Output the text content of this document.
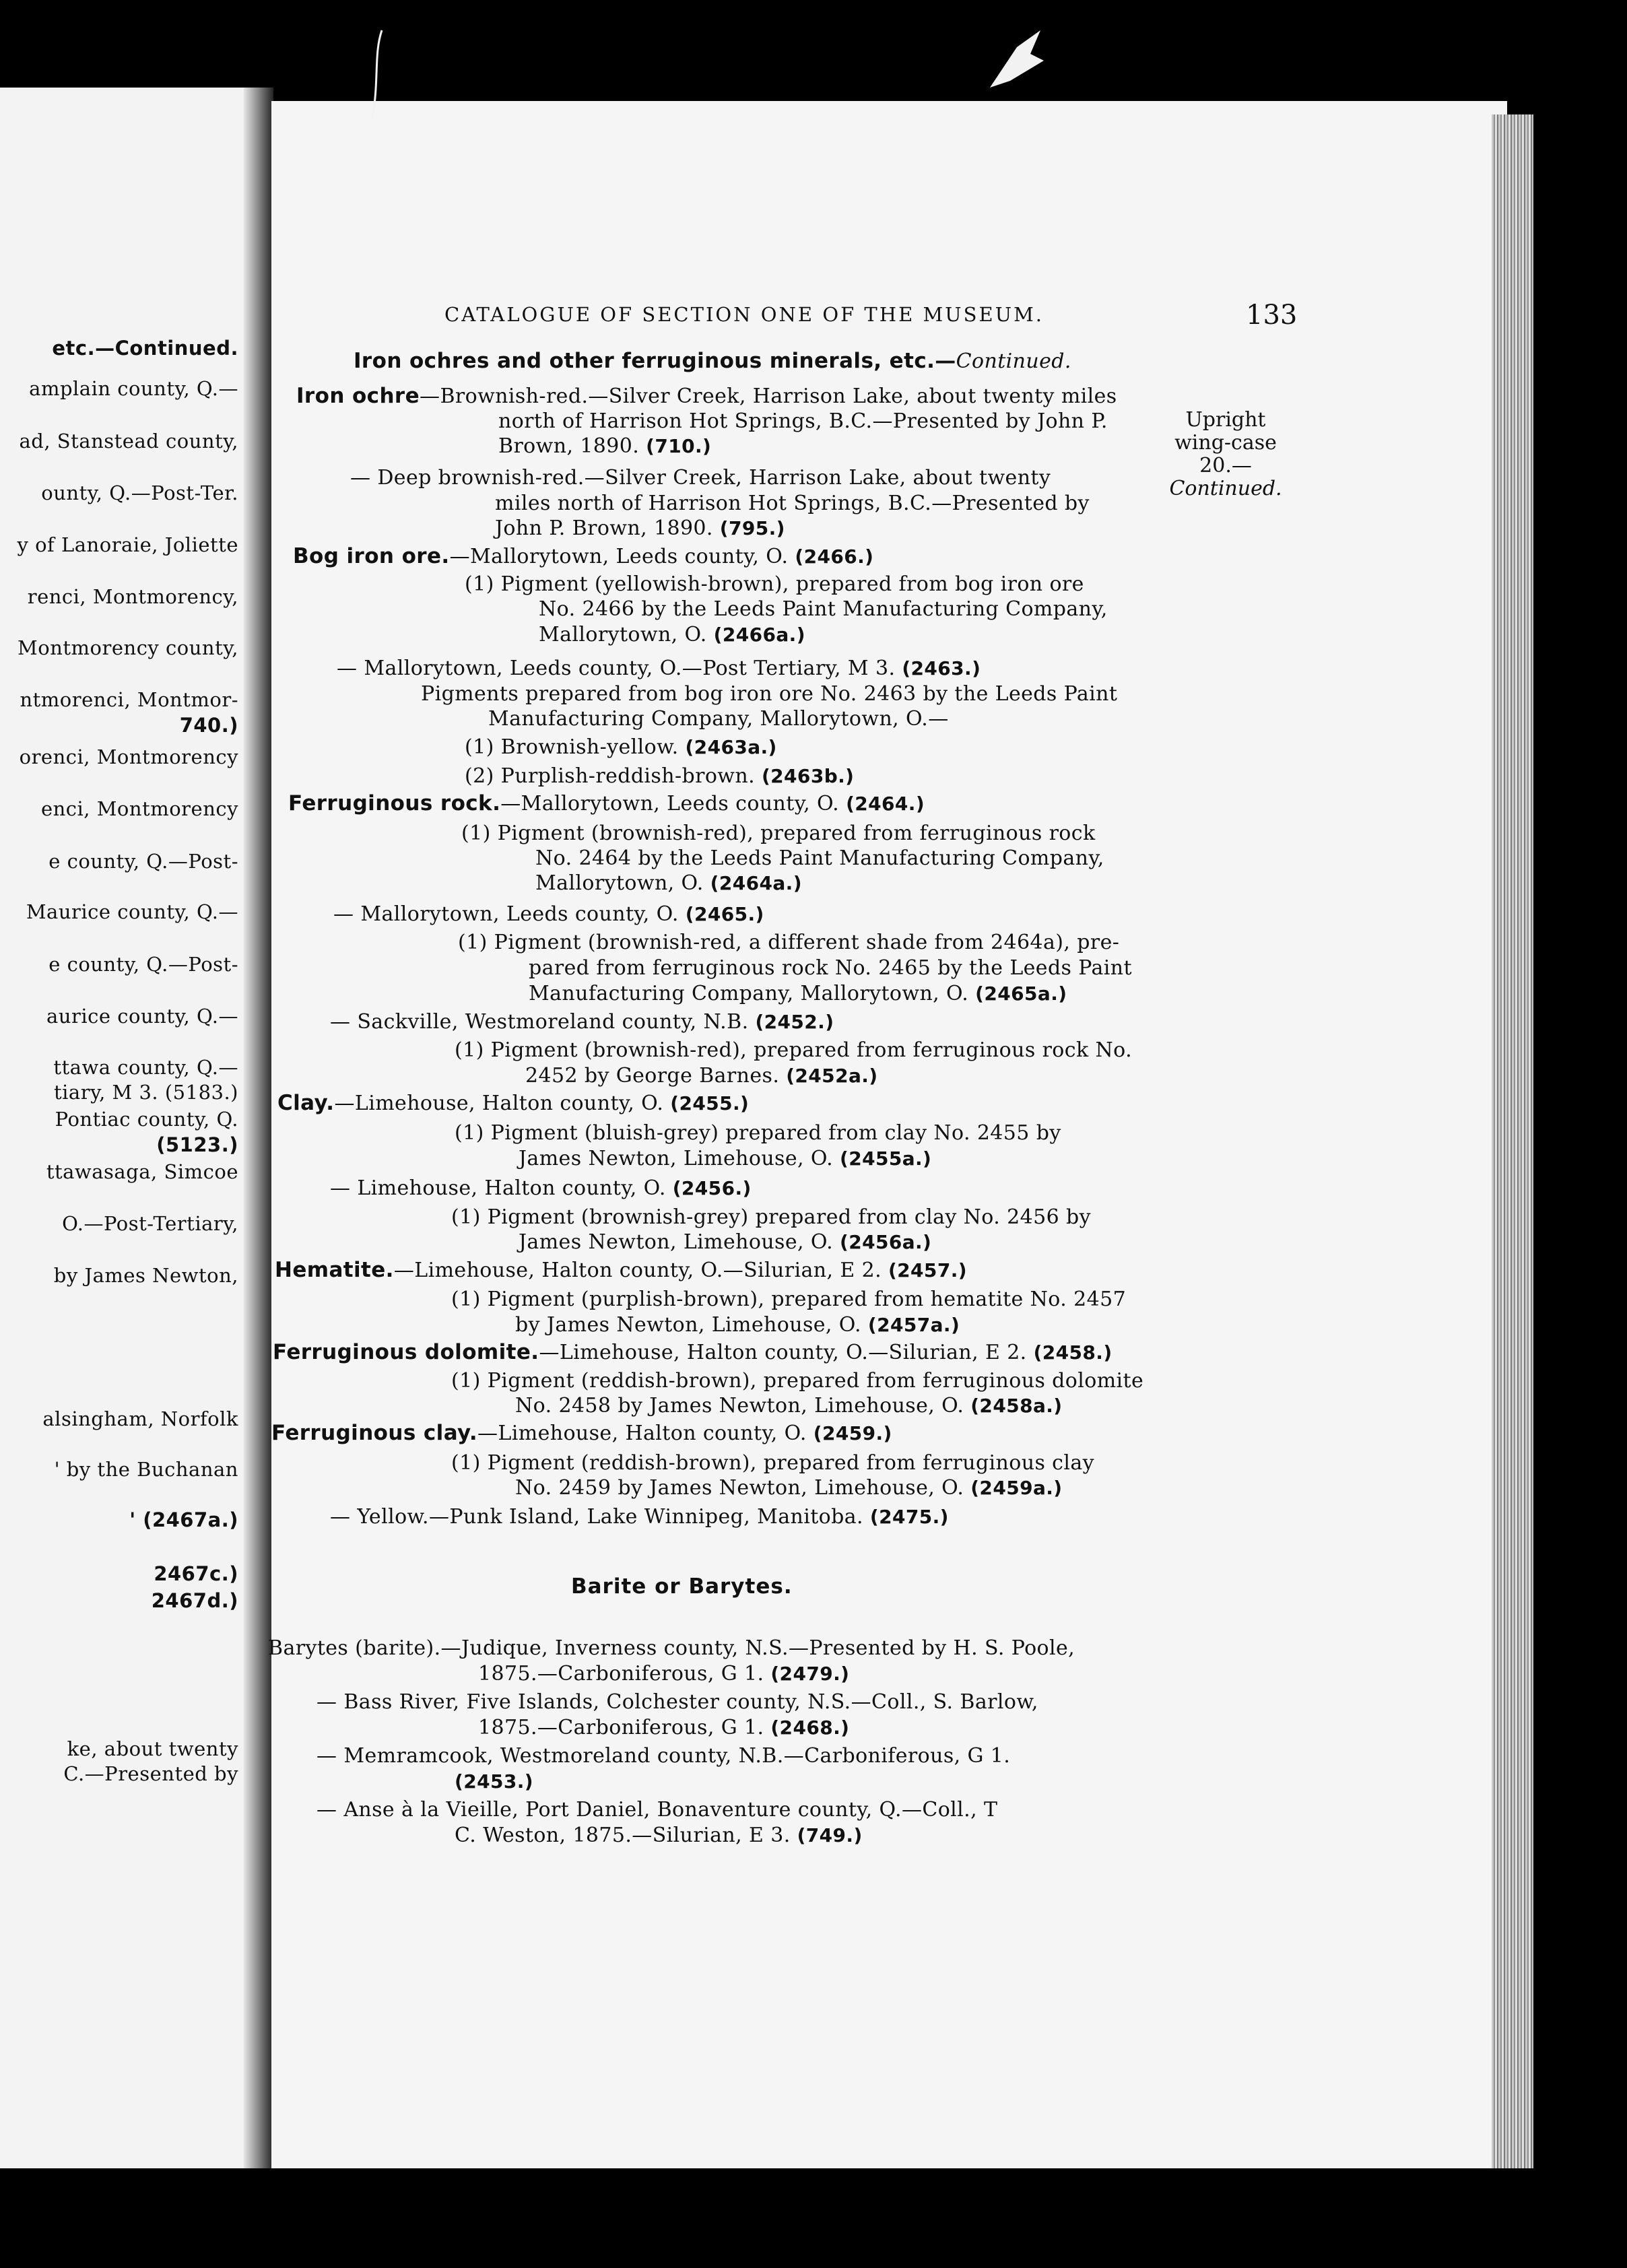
etc.—Continued.
amplain county, Q.—
ad, Stanstead county,
ounty, Q.—Post-Ter.
y of Lanoraie, Joliette
renci, Montmorency,
Montmorency county,
ntmorenci, Montmor-
740.)
orenci, Montmorency
enci, Montmorency
e county, Q.—Post-
Maurice county, Q.—
e county, Q.—Post-
aurice county, Q.—
ttawa county, Q.—
tiary, M 3. (5183.)
Pontiac county, Q.
(5123.)
ttawasaga, Simcoe
O.—Post-Tertiary,
by James Newton,
alsingham, Norfolk
' by the Buchanan
' (2467a.)
2467c.)
2467d.)
ke, about twenty
C.—Presented by
CATALOGUE OF SECTION ONE OF THE MUSEUM.	133
Iron ochres and other ferruginous minerals, etc.—Continued.
Upright
wing-case
20.—
Continued.
Barite or Barytes.
Iron ochre—Brownish-red.—Silver Creek, Harrison Lake, about twenty miles
north of Harrison Hot Springs, B.C.—Presented by John P.
Brown, 1890. (710.)
— Deep brownish-red.—Silver Creek, Harrison Lake, about twenty
miles north of Harrison Hot Springs, B.C.—Presented by
John P. Brown, 1890. (795.)
Bog iron ore.—Mallorytown, Leeds county, O. (2466.)
(1) Pigment (yellowish-brown), prepared from bog iron ore
No. 2466 by the Leeds Paint Manufacturing Company,
Mallorytown, O. (2466a.)
— Mallorytown, Leeds county, O.—Post Tertiary, M 3. (2463.)
Pigments prepared from bog iron ore No. 2463 by the Leeds Paint
Manufacturing Company, Mallorytown, O.—
(1) Brownish-yellow. (2463a.)
(2) Purplish-reddish-brown. (2463b.)
Ferruginous rock.—Mallorytown, Leeds county, O. (2464.)
(1) Pigment (brownish-red), prepared from ferruginous rock
No. 2464 by the Leeds Paint Manufacturing Company,
Mallorytown, O. (2464a.)
— Mallorytown, Leeds county, O. (2465.)
(1) Pigment (brownish-red, a different shade from 2464a), pre-
pared from ferruginous rock No. 2465 by the Leeds Paint
Manufacturing Company, Mallorytown, O. (2465a.)
— Sackville, Westmoreland county, N.B. (2452.)
(1) Pigment (brownish-red), prepared from ferruginous rock No.
2452 by George Barnes. (2452a.)
Clay.—Limehouse, Halton county, O. (2455.)
(1) Pigment (bluish-grey) prepared from clay No. 2455 by
James Newton, Limehouse, O. (2455a.)
— Limehouse, Halton county, O. (2456.)
(1) Pigment (brownish-grey) prepared from clay No. 2456 by
James Newton, Limehouse, O. (2456a.)
Hematite.—Limehouse, Halton county, O.—Silurian, E 2. (2457.)
(1) Pigment (purplish-brown), prepared from hematite No. 2457
by James Newton, Limehouse, O. (2457a.)
Ferruginous dolomite.—Limehouse, Halton county, O.—Silurian, E 2. (2458.)
(1) Pigment (reddish-brown), prepared from ferruginous dolomite
No. 2458 by James Newton, Limehouse, O. (2458a.)
Ferruginous clay.—Limehouse, Halton county, O. (2459.)
(1) Pigment (reddish-brown), prepared from ferruginous clay
No. 2459 by James Newton, Limehouse, O. (2459a.)
— Yellow.—Punk Island, Lake Winnipeg, Manitoba. (2475.)
Barytes (barite).—Judique, Inverness county, N.S.—Presented by H. S. Poole,
1875.—Carboniferous, G 1. (2479.)
— Bass River, Five Islands, Colchester county, N.S.—Coll., S. Barlow,
1875.—Carboniferous, G 1. (2468.)
— Memramcook, Westmoreland county, N.B.—Carboniferous, G 1.
(2453.)
— Anse à la Vieille, Port Daniel, Bonaventure county, Q.—Coll., T
C. Weston, 1875.—Silurian, E 3. (749.)
